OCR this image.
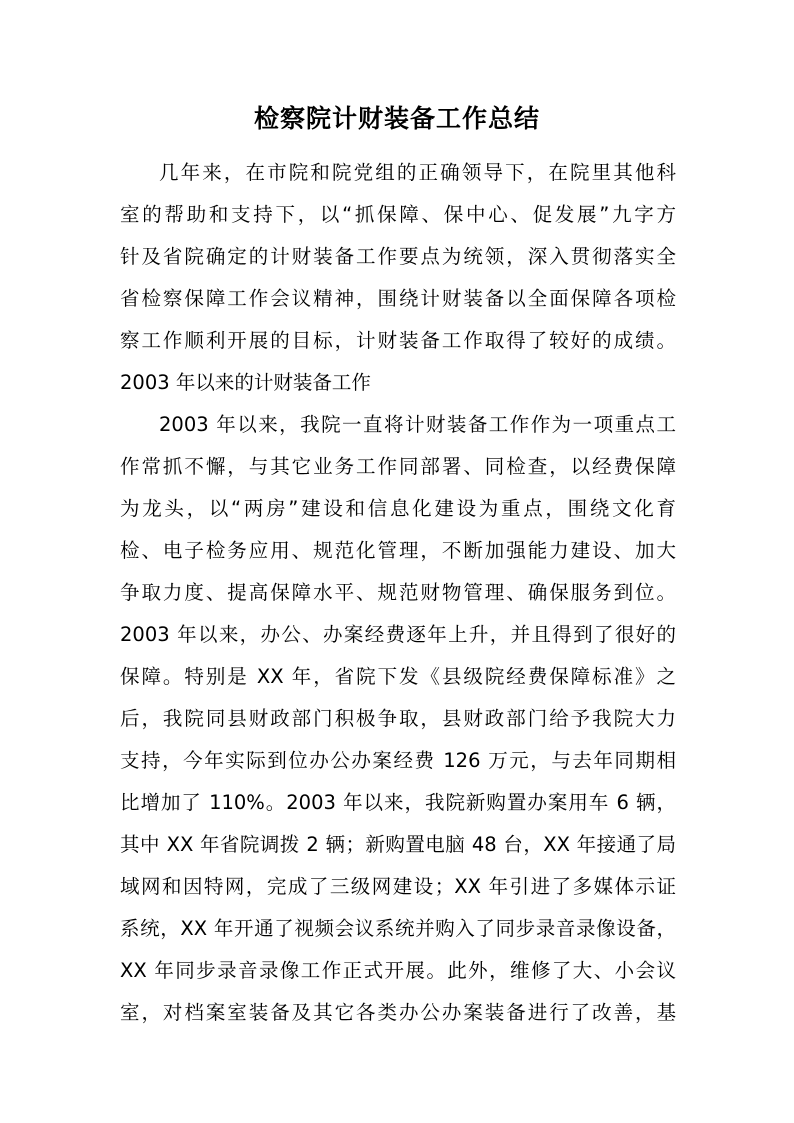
检察院计财装备工作总结
几年来，在市院和院党组的正确领导下，在院里其他科
室的帮助和支持下，以“抓保障、保中心、促发展”九字方
针及省院确定的计财装备工作要点为统领，深入贯彻落实全
省检察保障工作会议精神，围绕计财装备以全面保障各项检
察工作顺利开展的目标，计财装备工作取得了较好的成绩。
2003 年以来的计财装备工作
2003 年以来，我院一直将计财装备工作作为一项重点工
作常抓不懈，与其它业务工作同部署、同检查，以经费保障
为龙头，以“两房”建设和信息化建设为重点，围绕文化育
检、电子检务应用、规范化管理，不断加强能力建设、加大
争取力度、提高保障水平、规范财物管理、确保服务到位。
2003 年以来，办公、办案经费逐年上升，并且得到了很好的
保障。特别是 XX 年，省院下发《县级院经费保障标准》之
后，我院同县财政部门积极争取，县财政部门给予我院大力
支持，今年实际到位办公办案经费 126 万元，与去年同期相
比增加了 110%。2003 年以来，我院新购置办案用车 6 辆，
其中 XX 年省院调拨 2 辆；新购置电脑 48 台，XX 年接通了局
域网和因特网，完成了三级网建设；XX 年引进了多媒体示证
系统，XX 年开通了视频会议系统并购入了同步录音录像设备，
XX 年同步录音录像工作正式开展。此外，维修了大、小会议
室，对档案室装备及其它各类办公办案装备进行了改善，基
